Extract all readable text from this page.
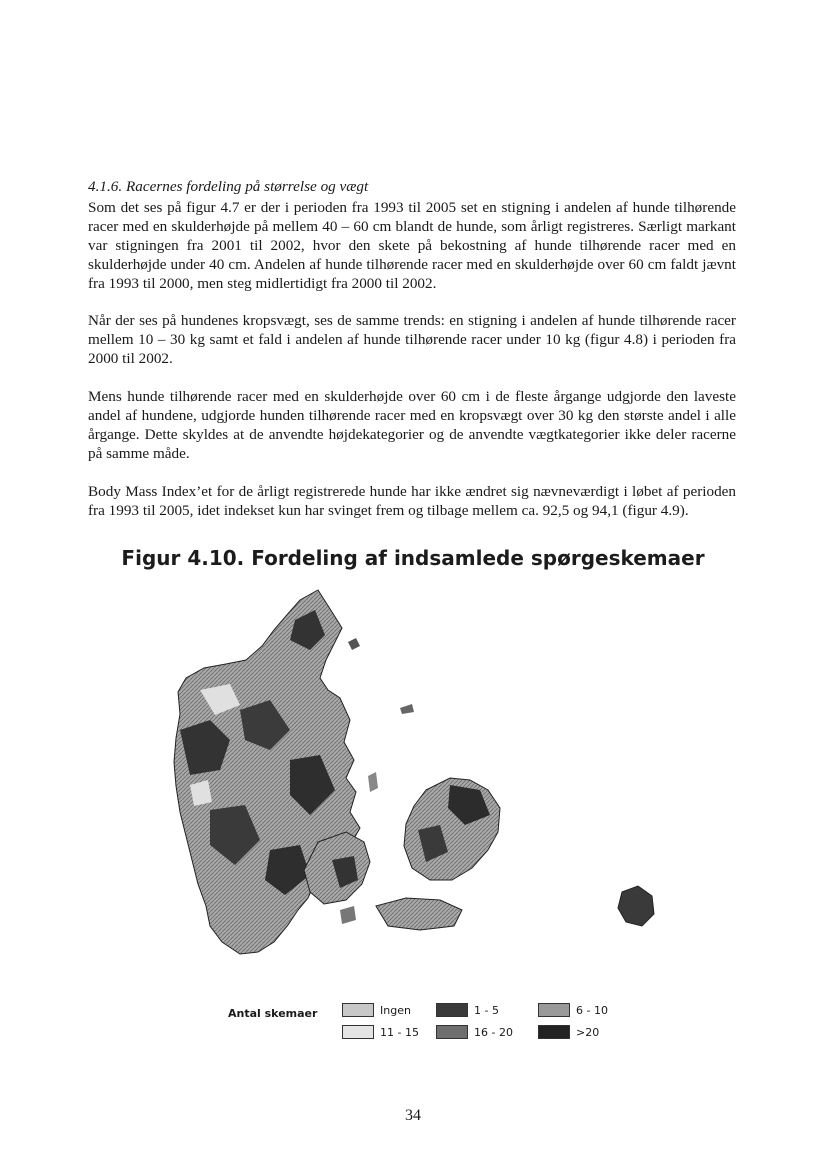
4.1.6. Racernes fordeling på størrelse og vægt

Som det ses på figur 4.7 er der i perioden fra 1993 til 2005 set en stigning i andelen af hunde tilhørende racer med en skulderhøjde på mellem 40 – 60 cm blandt de hunde, som årligt registreres. Særligt markant var stigningen fra 2001 til 2002, hvor den skete på bekostning af hunde tilhørende racer med en skulderhøjde under 40 cm. Andelen af hunde tilhørende racer med en skulderhøjde over 60 cm faldt jævnt fra 1993 til 2000, men steg midlertidigt fra 2000 til 2002.

Når der ses på hundenes kropsvægt, ses de samme trends: en stigning i andelen af hunde tilhørende racer mellem 10 – 30 kg samt et fald i andelen af hunde tilhørende racer under 10 kg (figur 4.8) i perioden fra 2000 til 2002.

Mens hunde tilhørende racer med en skulderhøjde over 60 cm i de fleste årgange udgjorde den laveste andel af hundene, udgjorde hunden tilhørende racer med en kropsvægt over 30 kg den største andel i alle årgange. Dette skyldes at de anvendte højdekategorier og de anvendte vægtkategorier ikke deler racerne på samme måde.

Body Mass Index’et for de årligt registrerede hunde har ikke ændret sig nævneværdigt i løbet af perioden fra 1993 til 2005, idet indekset kun har svinget frem og tilbage mellem ca. 92,5 og 94,1 (figur 4.9).

Figur 4.10. Fordeling af indsamlede spørgeskemaer
Antal skemaer	Ingen	1 - 5	6 - 10
11 - 15	16 - 20	>20
34
